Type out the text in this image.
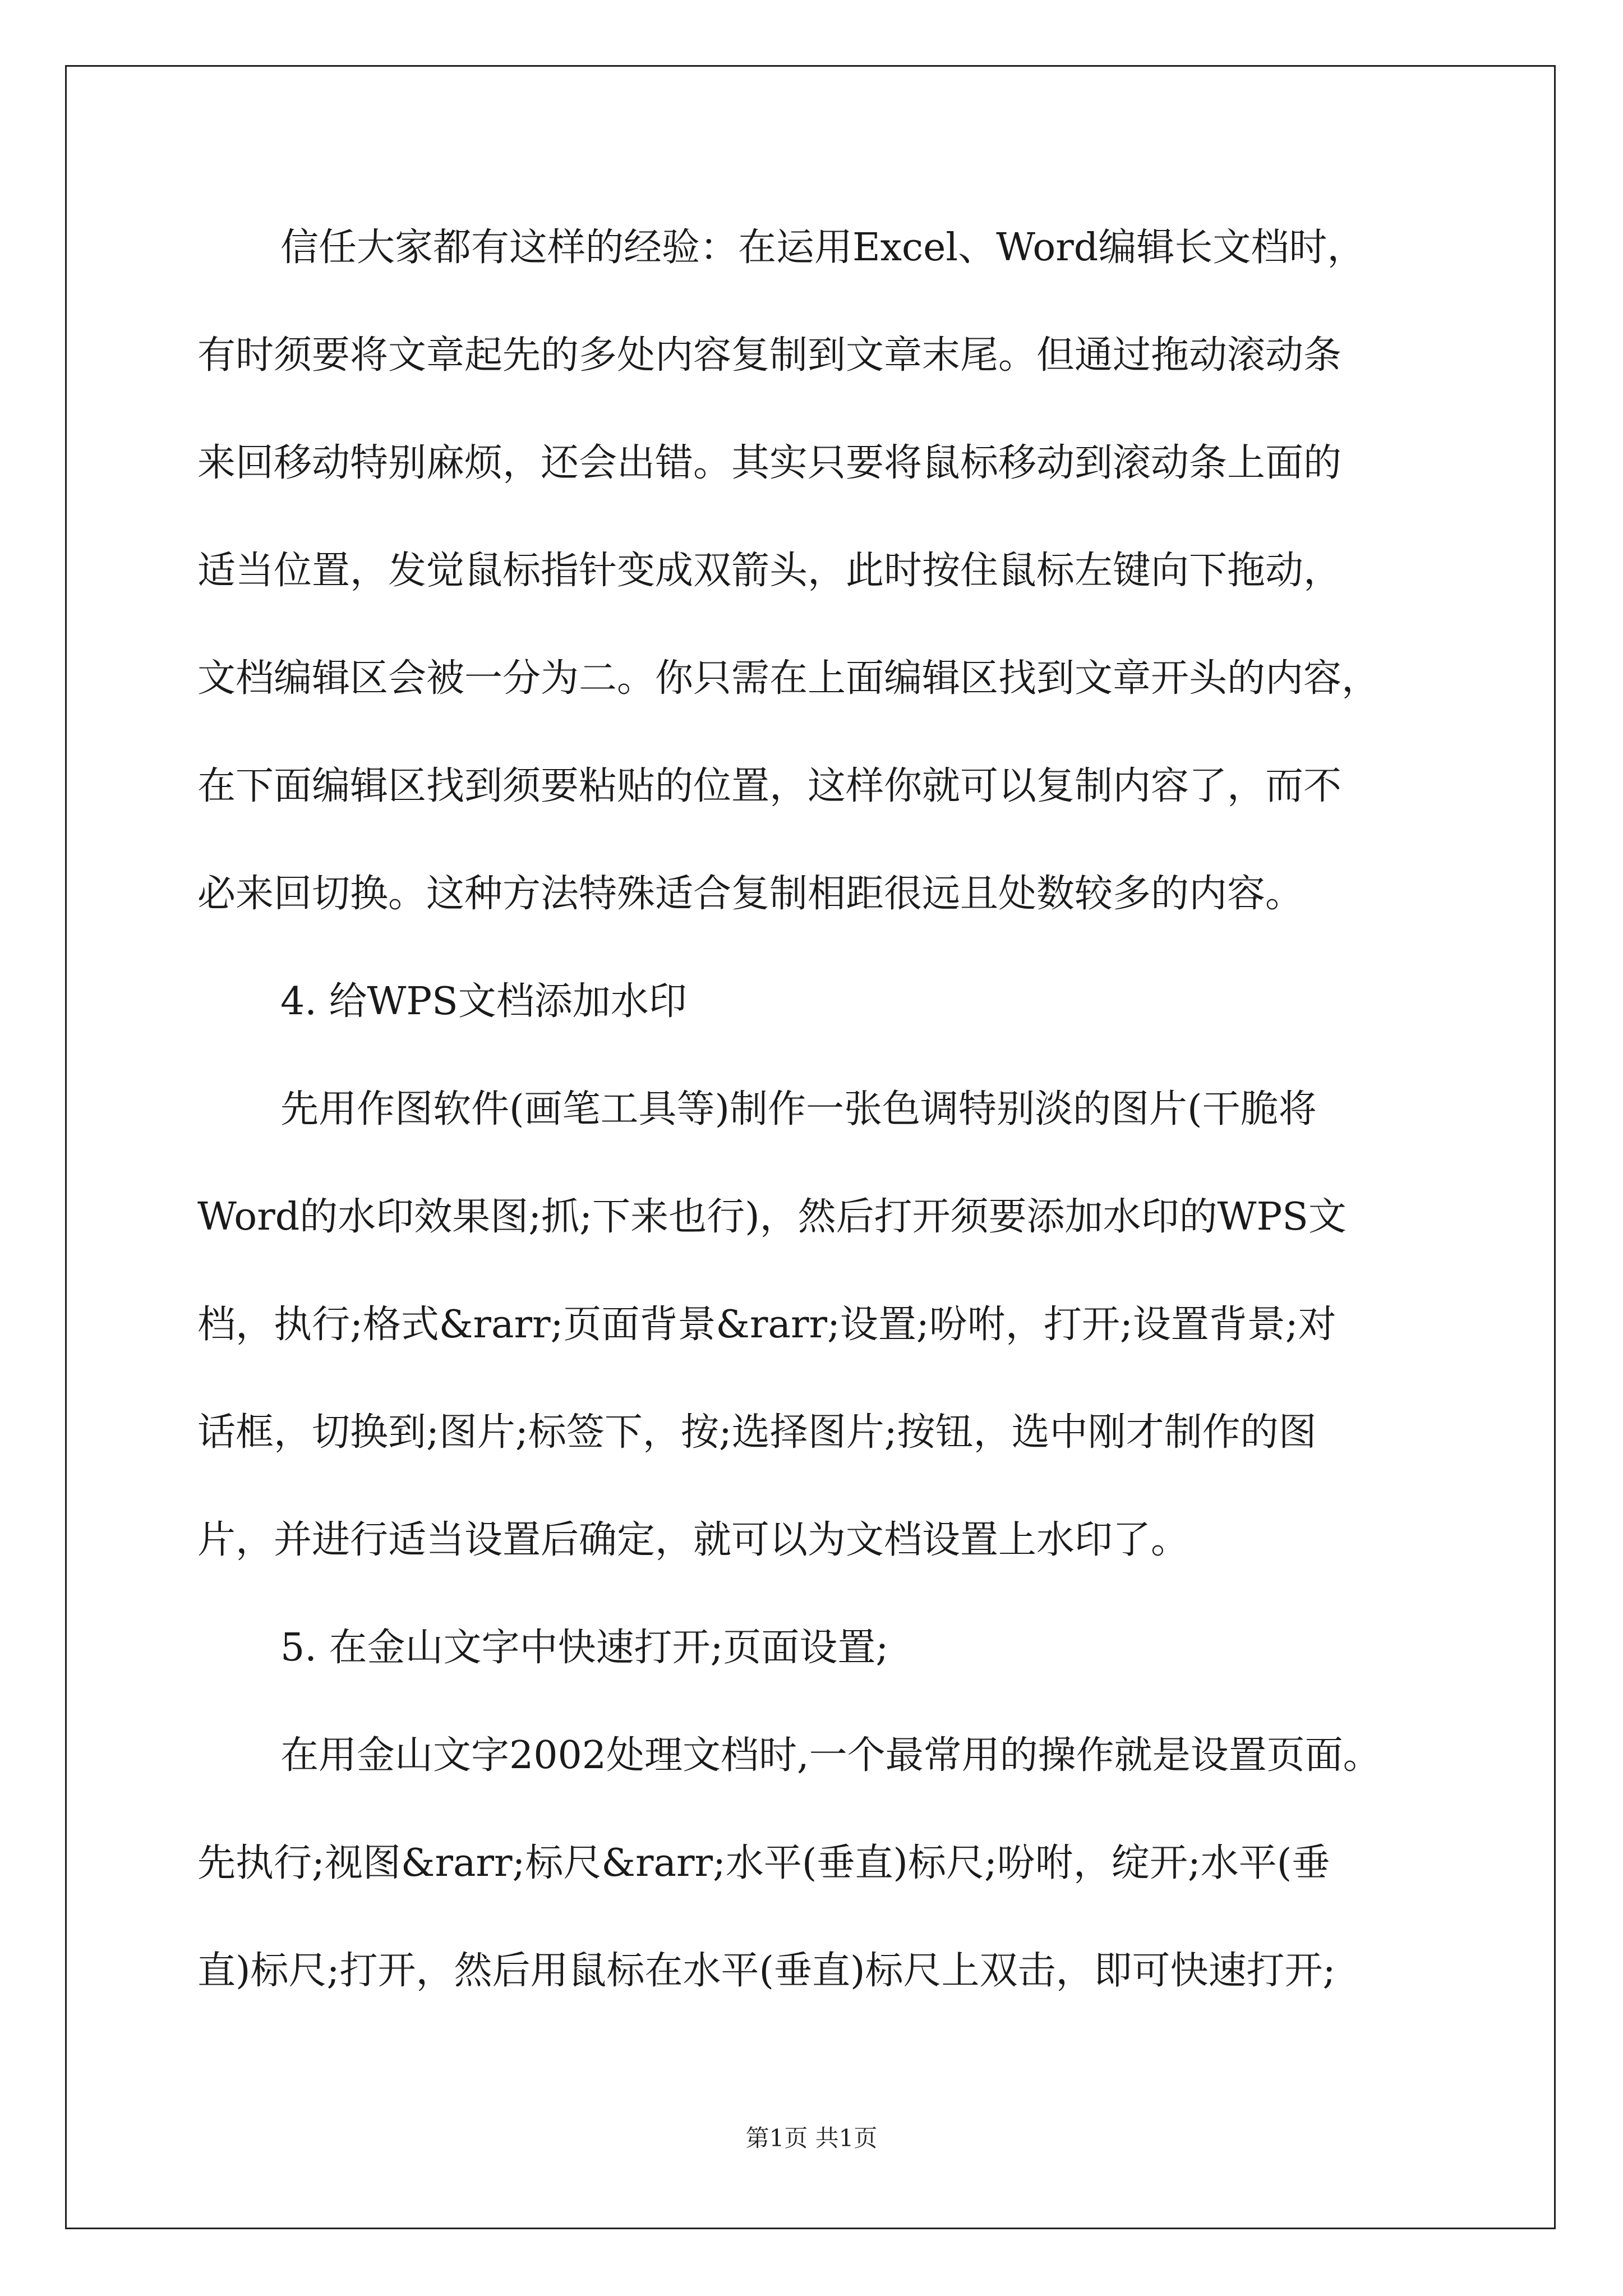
信任大家都有这样的经验：在运用Excel、Word编辑长文档时，

有时须要将文章起先的多处内容复制到文章末尾。但通过拖动滚动条

来回移动特别麻烦，还会出错。其实只要将鼠标移动到滚动条上面的

适当位置，发觉鼠标指针变成双箭头，此时按住鼠标左键向下拖动，

文档编辑区会被一分为二。你只需在上面编辑区找到文章开头的内容，

在下面编辑区找到须要粘贴的位置，这样你就可以复制内容了，而不

必来回切换。这种方法特殊适合复制相距很远且处数较多的内容。

4. 给WPS文档添加水印

先用作图软件(画笔工具等)制作一张色调特别淡的图片(干脆将

Word的水印效果图;抓;下来也行)，然后打开须要添加水印的WPS文

档，执行;格式&rarr;页面背景&rarr;设置;吩咐，打开;设置背景;对

话框，切换到;图片;标签下，按;选择图片;按钮，选中刚才制作的图

片，并进行适当设置后确定，就可以为文档设置上水印了。

5. 在金山文字中快速打开;页面设置;

在用金山文字2002处理文档时,一个最常用的操作就是设置页面。

先执行;视图&rarr;标尺&rarr;水平(垂直)标尺;吩咐，绽开;水平(垂

直)标尺;打开，然后用鼠标在水平(垂直)标尺上双击，即可快速打开;

第1页 共1页
